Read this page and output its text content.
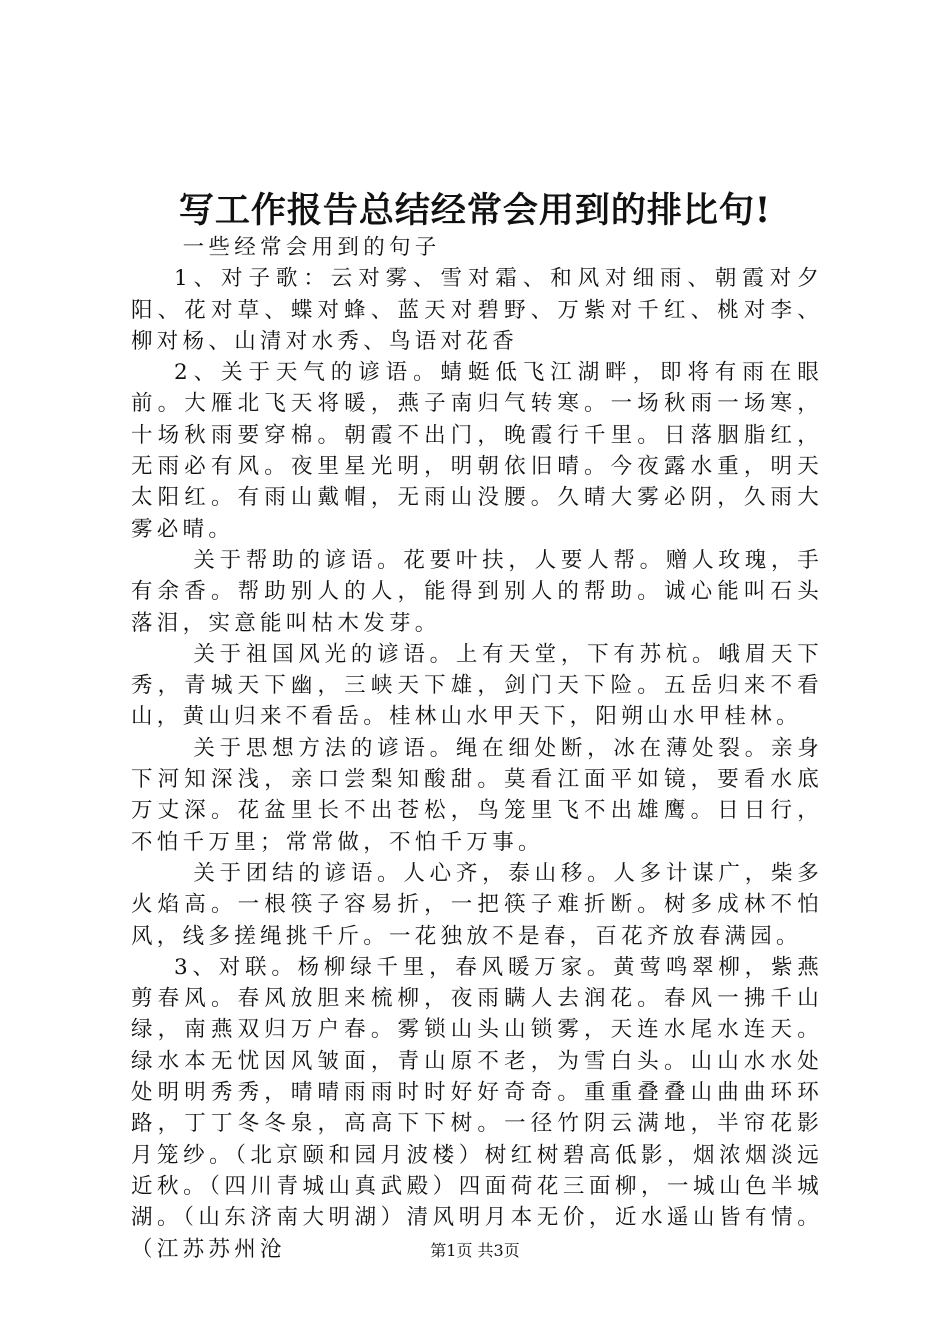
写工作报告总结经常会用到的排比句!

一些经常会用到的句子

1、对子歌：云对雾、雪对霜、和风对细雨、朝霞对夕阳、花对草、蝶对蜂、蓝天对碧野、万紫对千红、桃对李、柳对杨、山清对水秀、鸟语对花香

2、关于天气的谚语。蜻蜓低飞江湖畔，即将有雨在眼前。大雁北飞天将暖，燕子南归气转寒。一场秋雨一场寒，十场秋雨要穿棉。朝霞不出门，晚霞行千里。日落胭脂红，无雨必有风。夜里星光明，明朝依旧晴。今夜露水重，明天太阳红。有雨山戴帽，无雨山没腰。久晴大雾必阴，久雨大雾必晴。

关于帮助的谚语。花要叶扶，人要人帮。赠人玫瑰，手有余香。帮助别人的人，能得到别人的帮助。诚心能叫石头落泪，实意能叫枯木发芽。

关于祖国风光的谚语。上有天堂，下有苏杭。峨眉天下秀，青城天下幽，三峡天下雄，剑门天下险。五岳归来不看山，黄山归来不看岳。桂林山水甲天下，阳朔山水甲桂林。

关于思想方法的谚语。绳在细处断，冰在薄处裂。亲身下河知深浅，亲口尝梨知酸甜。莫看江面平如镜，要看水底万丈深。花盆里长不出苍松，鸟笼里飞不出雄鹰。日日行，不怕千万里；常常做，不怕千万事。

关于团结的谚语。人心齐，泰山移。人多计谋广，柴多火焰高。一根筷子容易折，一把筷子难折断。树多成林不怕风，线多搓绳挑千斤。一花独放不是春，百花齐放春满园。

3、对联。杨柳绿千里，春风暖万家。黄莺鸣翠柳，紫燕剪春风。春风放胆来梳柳，夜雨瞒人去润花。春风一拂千山绿，南燕双归万户春。雾锁山头山锁雾，天连水尾水连天。绿水本无忧因风皱面，青山原不老，为雪白头。山山水水处处明明秀秀，晴晴雨雨时时好好奇奇。重重叠叠山曲曲环环路，丁丁冬冬泉，高高下下树。一径竹阴云满地，半帘花影月笼纱。（北京颐和园月波楼）树红树碧高低影，烟浓烟淡远近秋。（四川青城山真武殿）四面荷花三面柳，一城山色半城湖。（山东济南大明湖）清风明月本无价，近水遥山皆有情。（江苏苏州沧	第1页 共3页
